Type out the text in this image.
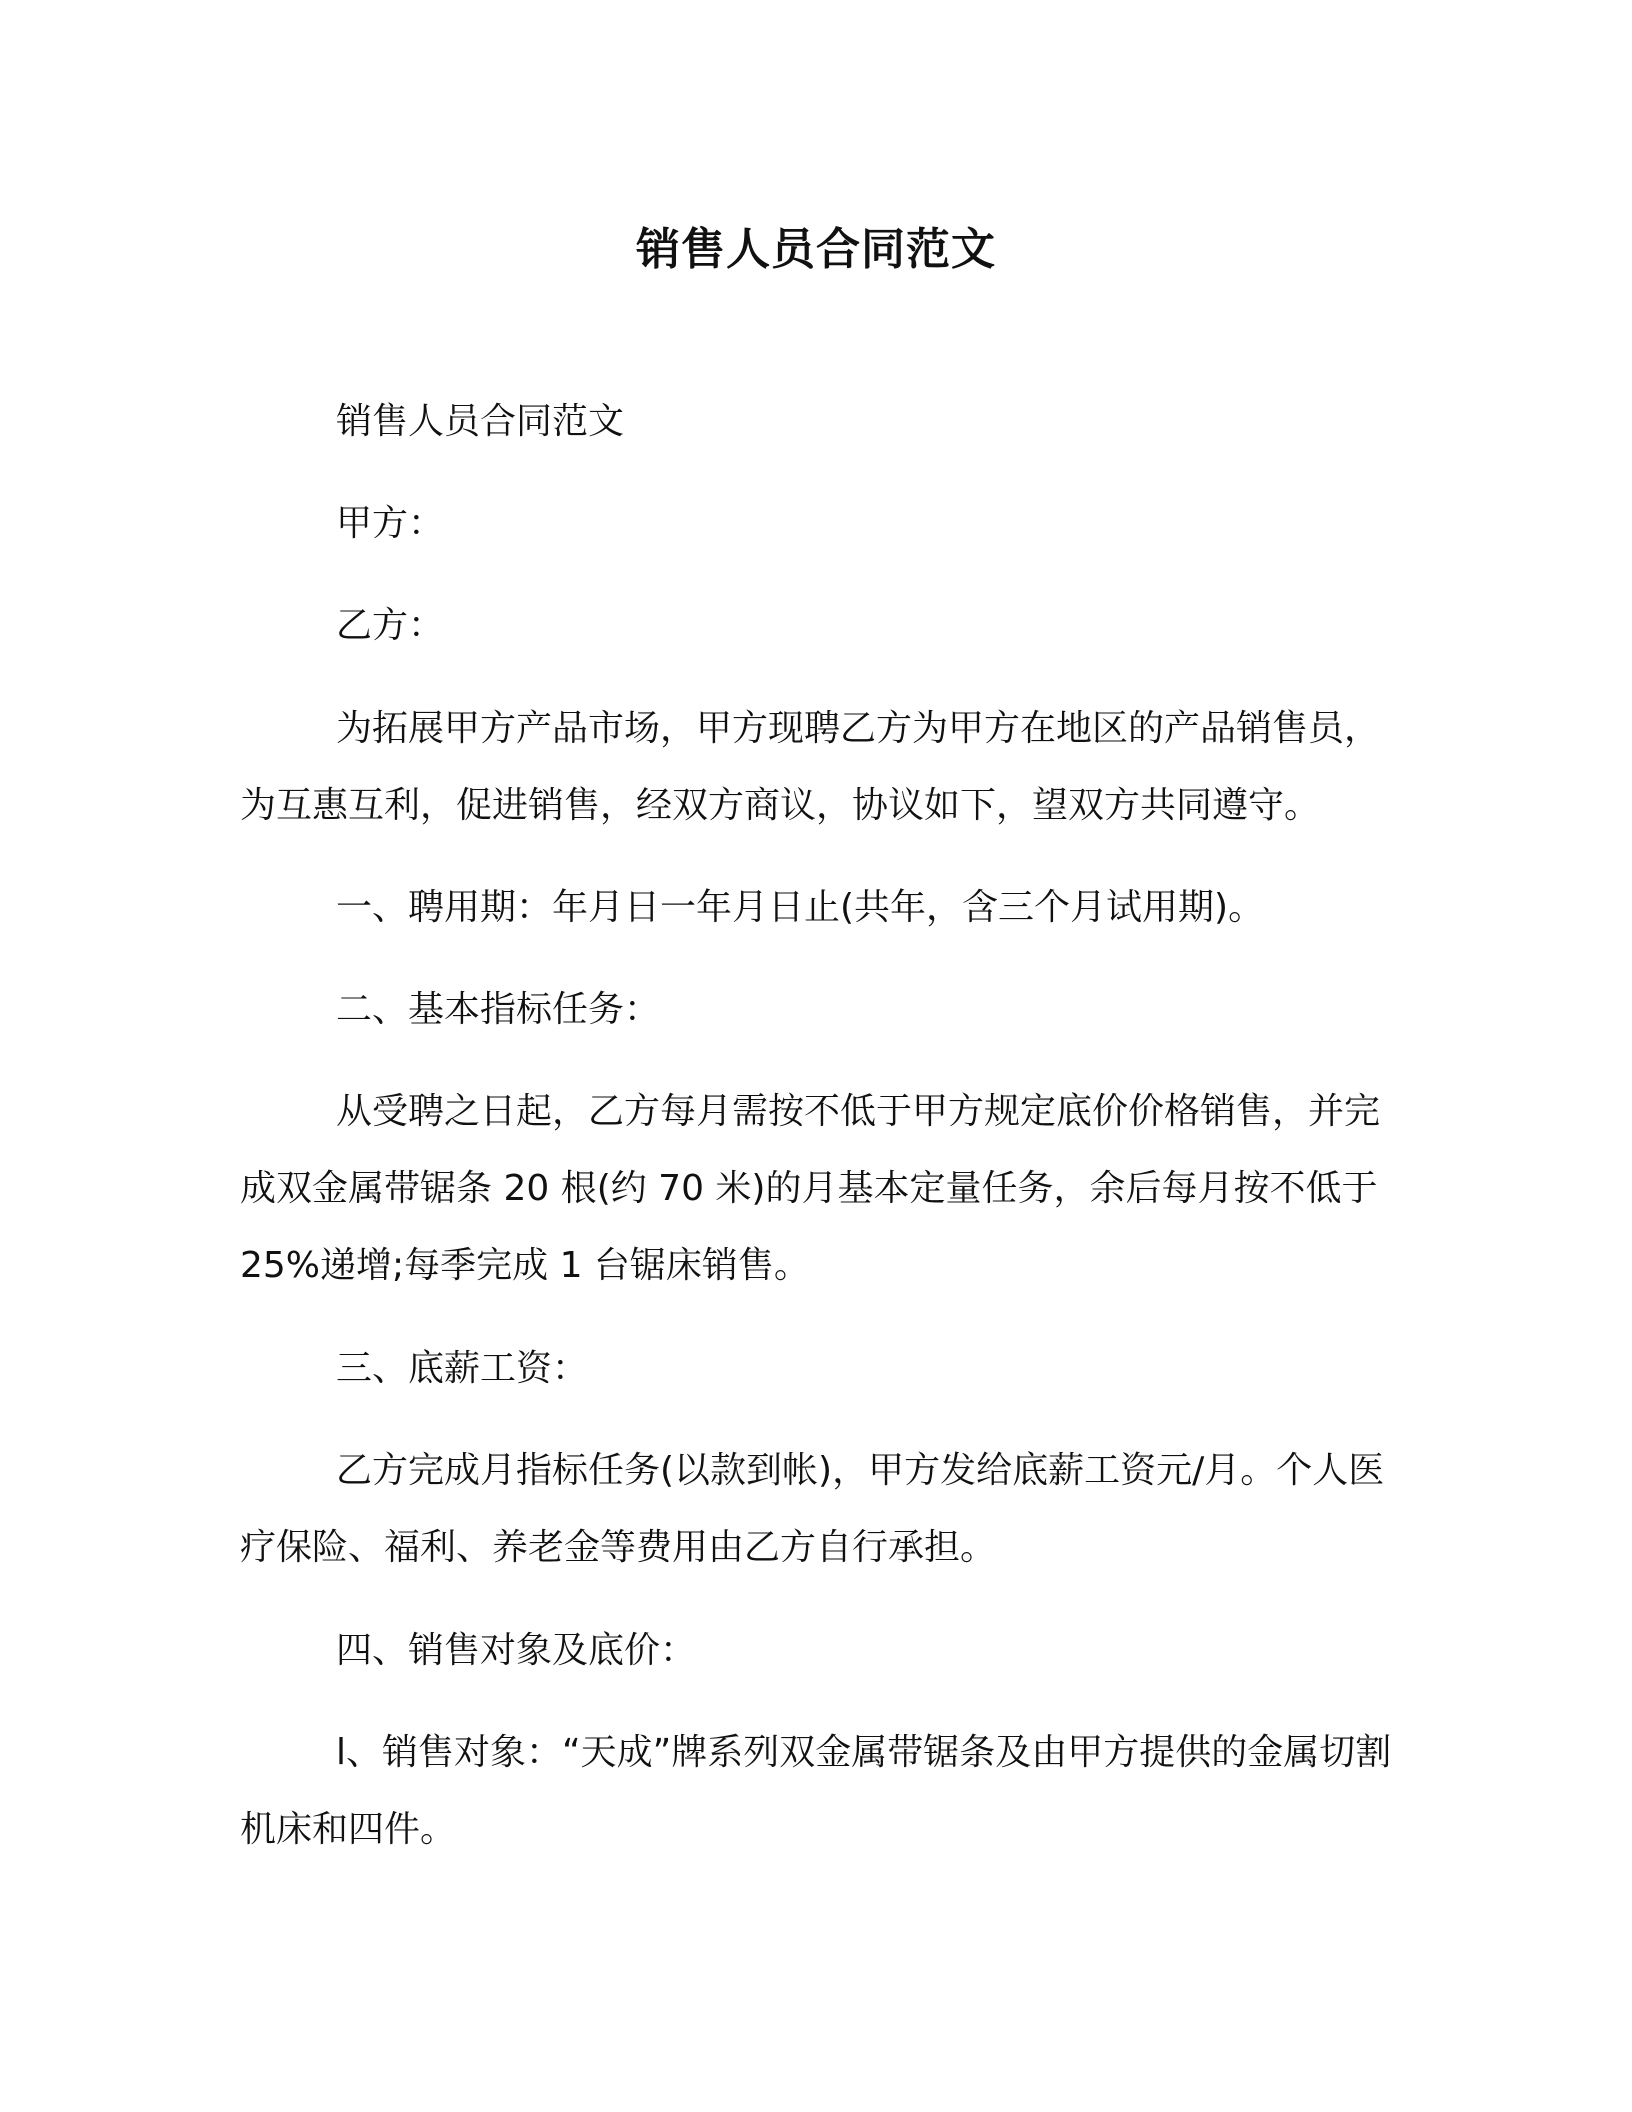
销售人员合同范文

销售人员合同范文

甲方：

乙方：

为拓展甲方产品市场，甲方现聘乙方为甲方在地区的产品销售员，为互惠互利，促进销售，经双方商议，协议如下，望双方共同遵守。

一、聘用期：年月日一年月日止(共年，含三个月试用期)。

二、基本指标任务：

从受聘之日起，乙方每月需按不低于甲方规定底价价格销售，并完成双金属带锯条 20 根(约 70 米)的月基本定量任务，余后每月按不低于 25%递增;每季完成 1 台锯床销售。

三、底薪工资：

乙方完成月指标任务(以款到帐)，甲方发给底薪工资元/月。个人医疗保险、福利、养老金等费用由乙方自行承担。

四、销售对象及底价：

l、销售对象：“天成”牌系列双金属带锯条及由甲方提供的金属切割机床和四件。
